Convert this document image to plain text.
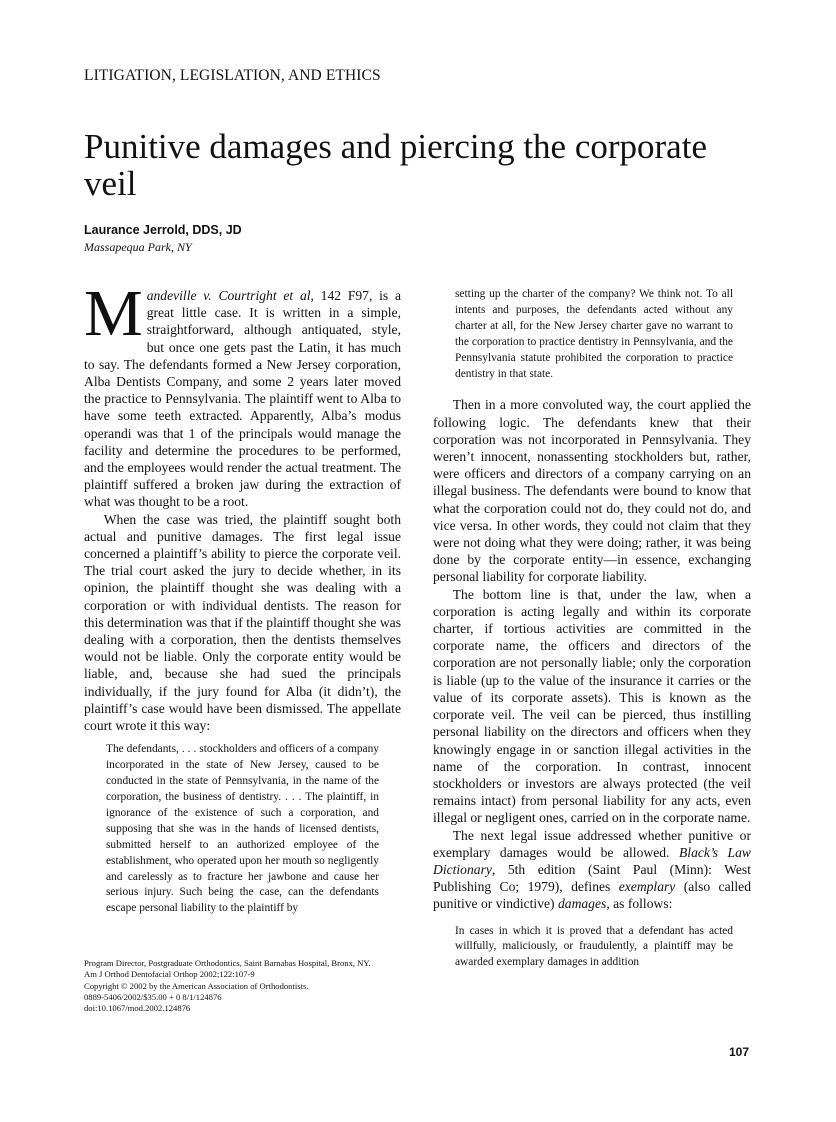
LITIGATION, LEGISLATION, AND ETHICS
Punitive damages and piercing the corporate veil
Laurance Jerrold, DDS, JD
Massapequa Park, NY

Mandeville v. Courtright et al, 142 F97, is a great little case. It is written in a simple, straightforward, although antiquated, style, but once one gets past the Latin, it has much to say. The defendants formed a New Jersey corporation, Alba Dentists Company, and some 2 years later moved the practice to Pennsylvania. The plaintiff went to Alba to have some teeth extracted. Apparently, Alba’s modus operandi was that 1 of the principals would manage the facility and determine the procedures to be performed, and the employees would render the actual treatment. The plaintiff suffered a broken jaw during the extraction of what was thought to be a root.

When the case was tried, the plaintiff sought both actual and punitive damages. The first legal issue concerned a plaintiff’s ability to pierce the corporate veil. The trial court asked the jury to decide whether, in its opinion, the plaintiff thought she was dealing with a corporation or with individual dentists. The reason for this determination was that if the plaintiff thought she was dealing with a corporation, then the dentists themselves would not be liable. Only the corporate entity would be liable, and, because she had sued the principals individually, if the jury found for Alba (it didn’t), the plaintiff’s case would have been dismissed. The appellate court wrote it this way:

The defendants, . . . stockholders and officers of a company incorporated in the state of New Jersey, caused to be conducted in the state of Pennsylvania, in the name of the corporation, the business of dentistry. . . . The plaintiff, in ignorance of the existence of such a corporation, and supposing that she was in the hands of licensed dentists, submitted herself to an authorized employee of the establishment, who operated upon her mouth so negligently and carelessly as to fracture her jawbone and cause her serious injury. Such being the case, can the defendants escape personal liability to the plaintiff by
setting up the charter of the company? We think not. To all intents and purposes, the defendants acted without any charter at all, for the New Jersey charter gave no warrant to the corporation to practice dentistry in Pennsylvania, and the Pennsylvania statute prohibited the corporation to practice dentistry in that state.

Then in a more convoluted way, the court applied the following logic. The defendants knew that their corporation was not incorporated in Pennsylvania. They weren’t innocent, nonassenting stockholders but, rather, were officers and directors of a company carrying on an illegal business. The defendants were bound to know that what the corporation could not do, they could not do, and vice versa. In other words, they could not claim that they were not doing what they were doing; rather, it was being done by the corporate entity—in essence, exchanging personal liability for corporate liability.

The bottom line is that, under the law, when a corporation is acting legally and within its corporate charter, if tortious activities are committed in the corporate name, the officers and directors of the corporation are not personally liable; only the corporation is liable (up to the value of the insurance it carries or the value of its corporate assets). This is known as the corporate veil. The veil can be pierced, thus instilling personal liability on the directors and officers when they knowingly engage in or sanction illegal activities in the name of the corporation. In contrast, innocent stockholders or investors are always protected (the veil remains intact) from personal liability for any acts, even illegal or negligent ones, carried on in the corporate name.

The next legal issue addressed whether punitive or exemplary damages would be allowed. Black’s Law Dictionary, 5th edition (Saint Paul (Minn): West Publishing Co; 1979), defines exemplary (also called punitive or vindictive) damages, as follows:

In cases in which it is proved that a defendant has acted willfully, maliciously, or fraudulently, a plaintiff may be awarded exemplary damages in addition
Program Director, Postgraduate Orthodontics, Saint Barnabas Hospital, Bronx, NY.
Am J Orthod Dentofacial Orthop 2002;122:107-9
Copyright © 2002 by the American Association of Orthodontists.
0889-5406/2002/$35.00 + 0 8/1/124876
doi:10.1067/mod.2002.124876
107
